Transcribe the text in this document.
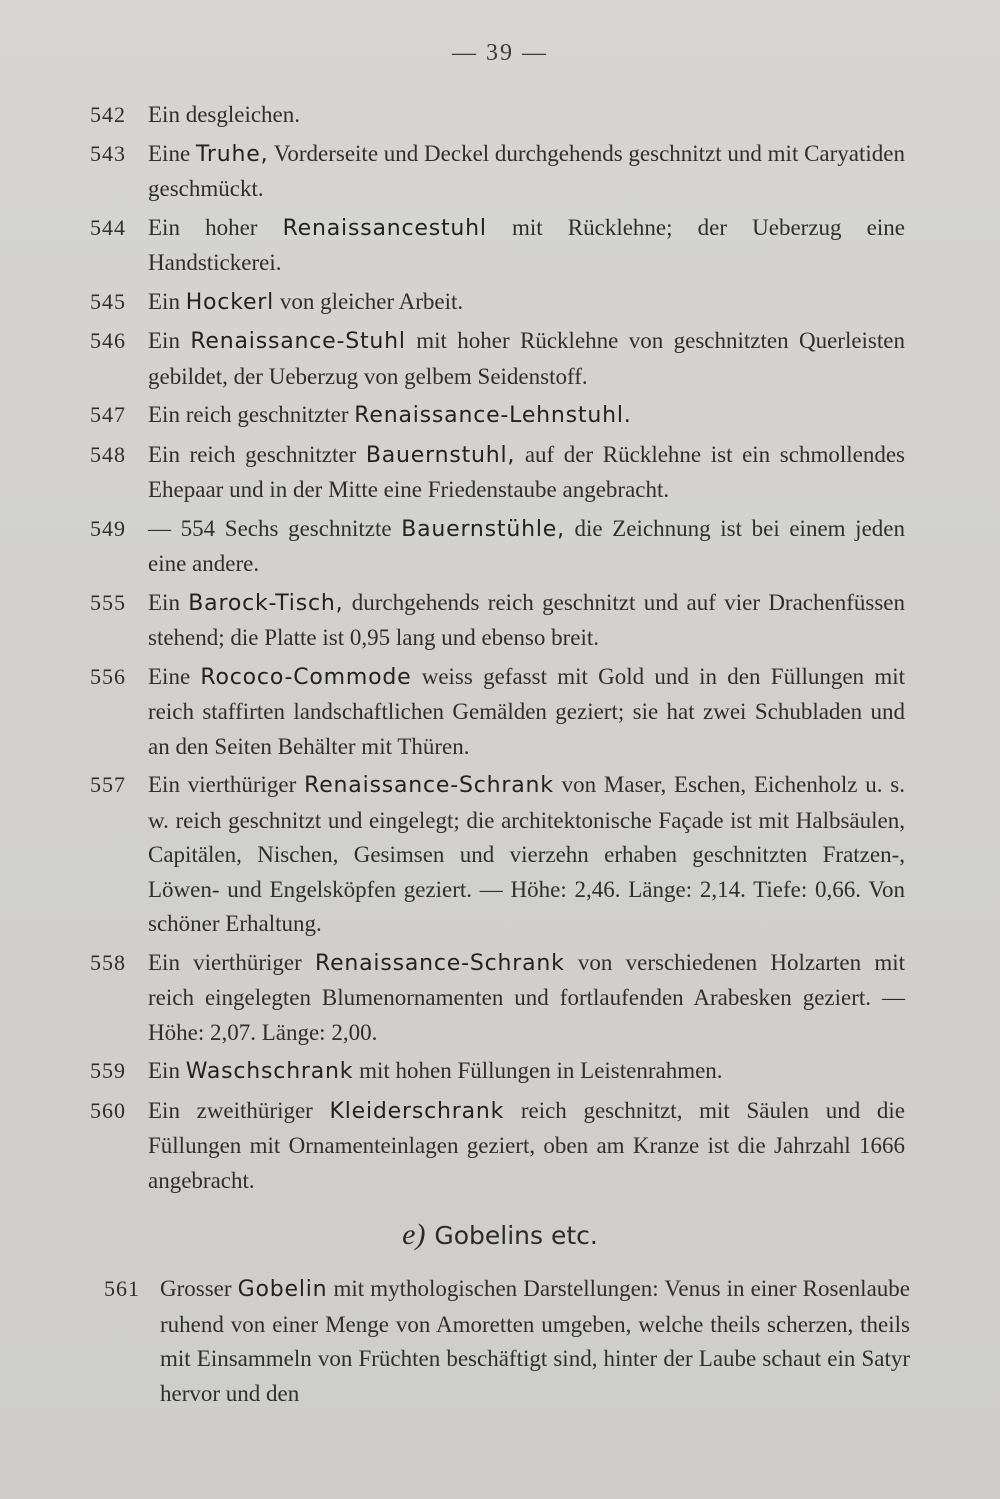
— 39 —
542 Ein desgleichen.
543 Eine Truhe, Vorderseite und Deckel durchgehends geschnitzt und mit Caryatiden geschmückt.
544 Ein hoher Renaissancestuhl mit Rücklehne; der Ueberzug eine Handstickerei.
545 Ein Hockerl von gleicher Arbeit.
546 Ein Renaissance-Stuhl mit hoher Rücklehne von geschnitzten Querleisten gebildet, der Ueberzug von gelbem Seidenstoff.
547 Ein reich geschnitzter Renaissance-Lehnstuhl.
548 Ein reich geschnitzter Bauernstuhl, auf der Rücklehne ist ein schmollendes Ehepaar und in der Mitte eine Friedenstaube angebracht.
549 — 554 Sechs geschnitzte Bauernstühle, die Zeichnung ist bei einem jeden eine andere.
555 Ein Barock-Tisch, durchgehends reich geschnitzt und auf vier Drachenfüssen stehend; die Platte ist 0,95 lang und ebenso breit.
556 Eine Rococo-Commode weiss gefasst mit Gold und in den Füllungen mit reich staffirten landschaftlichen Gemälden geziert; sie hat zwei Schubladen und an den Seiten Behälter mit Thüren.
557 Ein vierthüriger Renaissance-Schrank von Maser, Eschen, Eichenholz u. s. w. reich geschnitzt und eingelegt; die architektonische Façade ist mit Halbsäulen, Capitälen, Nischen, Gesimsen und vierzehn erhaben geschnitzten Fratzen-, Löwen- und Engelsköpfen geziert. — Höhe: 2,46. Länge: 2,14. Tiefe: 0,66. Von schöner Erhaltung.
558 Ein vierthüriger Renaissance-Schrank von verschiedenen Holzarten mit reich eingelegten Blumenornamenten und fortlaufenden Arabesken geziert. — Höhe: 2,07. Länge: 2,00.
559 Ein Waschschrank mit hohen Füllungen in Leistenrahmen.
560 Ein zweithüriger Kleiderschrank reich geschnitzt, mit Säulen und die Füllungen mit Ornamenteinlagen geziert, oben am Kranze ist die Jahrzahl 1666 angebracht.
e) Gobelins etc.
561 Grosser Gobelin mit mythologischen Darstellungen: Venus in einer Rosenlaube ruhend von einer Menge von Amoretten umgeben, welche theils scherzen, theils mit Einsammeln von Früchten beschäftigt sind, hinter der Laube schaut ein Satyr hervor und den
